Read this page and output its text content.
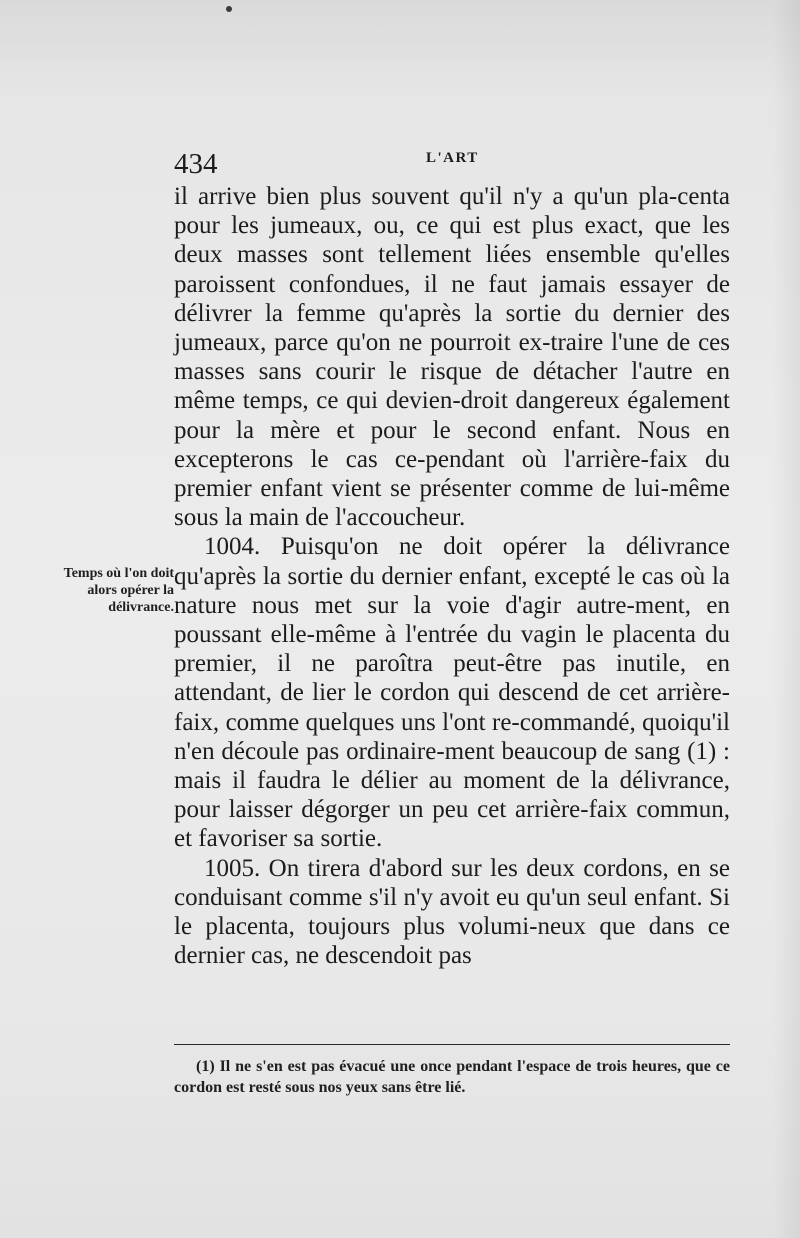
434	L'ART
Temps où l'on doit alors opérer la délivrance.

il arrive bien plus souvent qu'il n'y a qu'un pla-centa pour les jumeaux, ou, ce qui est plus exact, que les deux masses sont tellement liées ensemble qu'elles paroissent confondues, il ne faut jamais essayer de délivrer la femme qu'après la sortie du dernier des jumeaux, parce qu'on ne pourroit ex-traire l'une de ces masses sans courir le risque de détacher l'autre en même temps, ce qui devien-droit dangereux également pour la mère et pour le second enfant. Nous en excepterons le cas ce-pendant où l'arrière-faix du premier enfant vient se présenter comme de lui-même sous la main de l'accoucheur.

1004. Puisqu'on ne doit opérer la délivrance qu'après la sortie du dernier enfant, excepté le cas où la nature nous met sur la voie d'agir autre-ment, en poussant elle-même à l'entrée du vagin le placenta du premier, il ne paroîtra peut-être pas inutile, en attendant, de lier le cordon qui descend de cet arrière-faix, comme quelques uns l'ont re-commandé, quoiqu'il n'en découle pas ordinaire-ment beaucoup de sang (1) : mais il faudra le délier au moment de la délivrance, pour laisser dégorger un peu cet arrière-faix commun, et favoriser sa sortie.

1005. On tirera d'abord sur les deux cordons, en se conduisant comme s'il n'y avoit eu qu'un seul enfant. Si le placenta, toujours plus volumi-neux que dans ce dernier cas, ne descendoit pas

(1) Il ne s'en est pas évacué une once pendant l'espace de trois heures, que ce cordon est resté sous nos yeux sans être lié.
